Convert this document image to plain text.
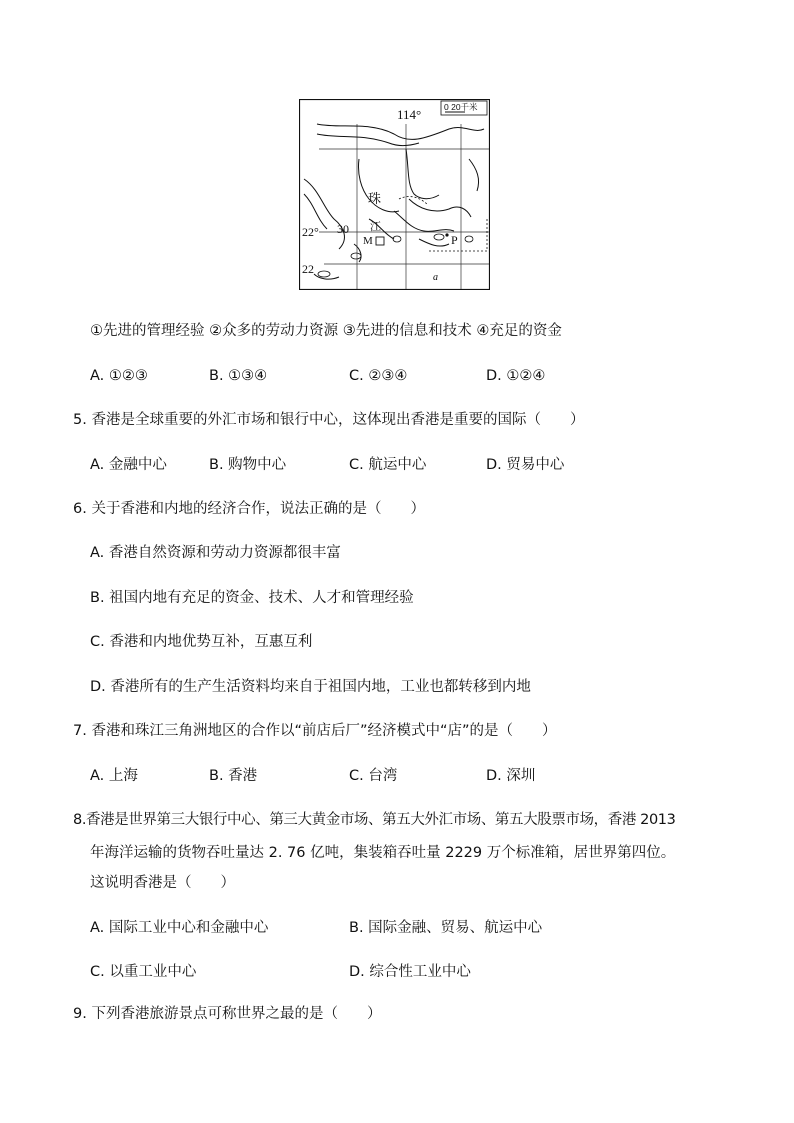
114°	0 20千米
珠
江
30
22°
22
M	P
a
①先进的管理经验 ②众多的劳动力资源 ③先进的信息和技术 ④充足的资金
A. ①②③	B. ①③④	C. ②③④	D. ①②④
5. 香港是全球重要的外汇市场和银行中心，这体现出香港是重要的国际（　　）
A. 金融中心	B. 购物中心	C. 航运中心	D. 贸易中心
6. 关于香港和内地的经济合作，说法正确的是（　　）
A. 香港自然资源和劳动力资源都很丰富
B. 祖国内地有充足的资金、技术、人才和管理经验
C. 香港和内地优势互补，互惠互利
D. 香港所有的生产生活资料均来自于祖国内地，工业也都转移到内地
7. 香港和珠江三角洲地区的合作以“前店后厂”经济模式中“店”的是（　　）
A. 上海	B. 香港	C. 台湾	D. 深圳
8.香港是世界第三大银行中心、第三大黄金市场、第五大外汇市场、第五大股票市场，香港 2013
年海洋运输的货物吞吐量达 2. 76 亿吨，集装箱吞吐量 2229 万个标准箱，居世界第四位。
这说明香港是（　　）
A. 国际工业中心和金融中心	B. 国际金融、贸易、航运中心
C. 以重工业中心	D. 综合性工业中心
9. 下列香港旅游景点可称世界之最的是（　　）
